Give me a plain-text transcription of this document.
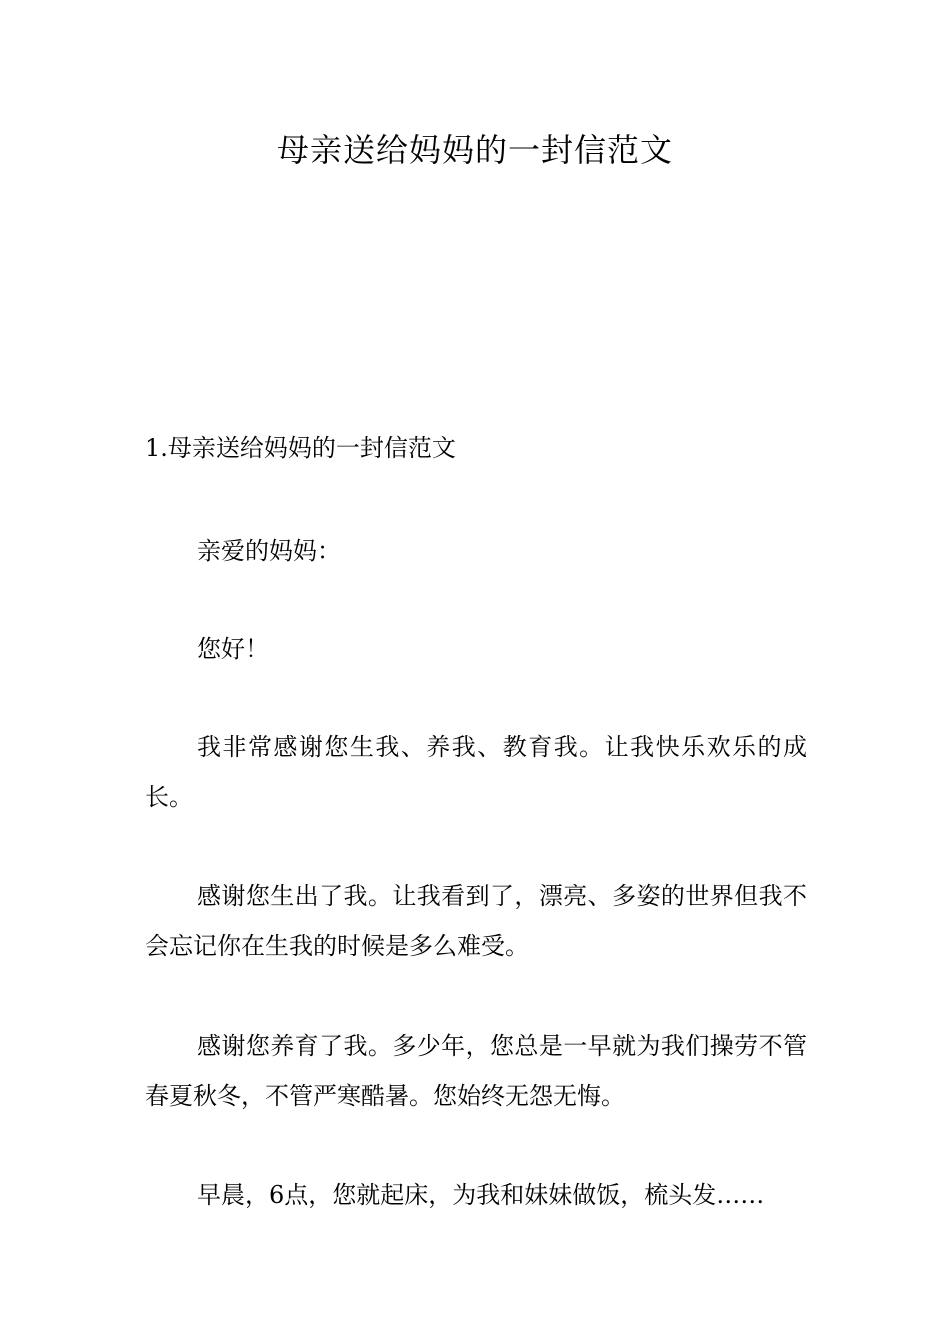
母亲送给妈妈的一封信范文
1.母亲送给妈妈的一封信范文

亲爱的妈妈：

您好！

我非常感谢您生我、养我、教育我。让我快乐欢乐的成长。

感谢您生出了我。让我看到了，漂亮、多姿的世界但我不会忘记你在生我的时候是多么难受。

感谢您养育了我。多少年，您总是一早就为我们操劳不管春夏秋冬，不管严寒酷暑。您始终无怨无悔。

早晨，6点，您就起床，为我和妹妹做饭，梳头发……
